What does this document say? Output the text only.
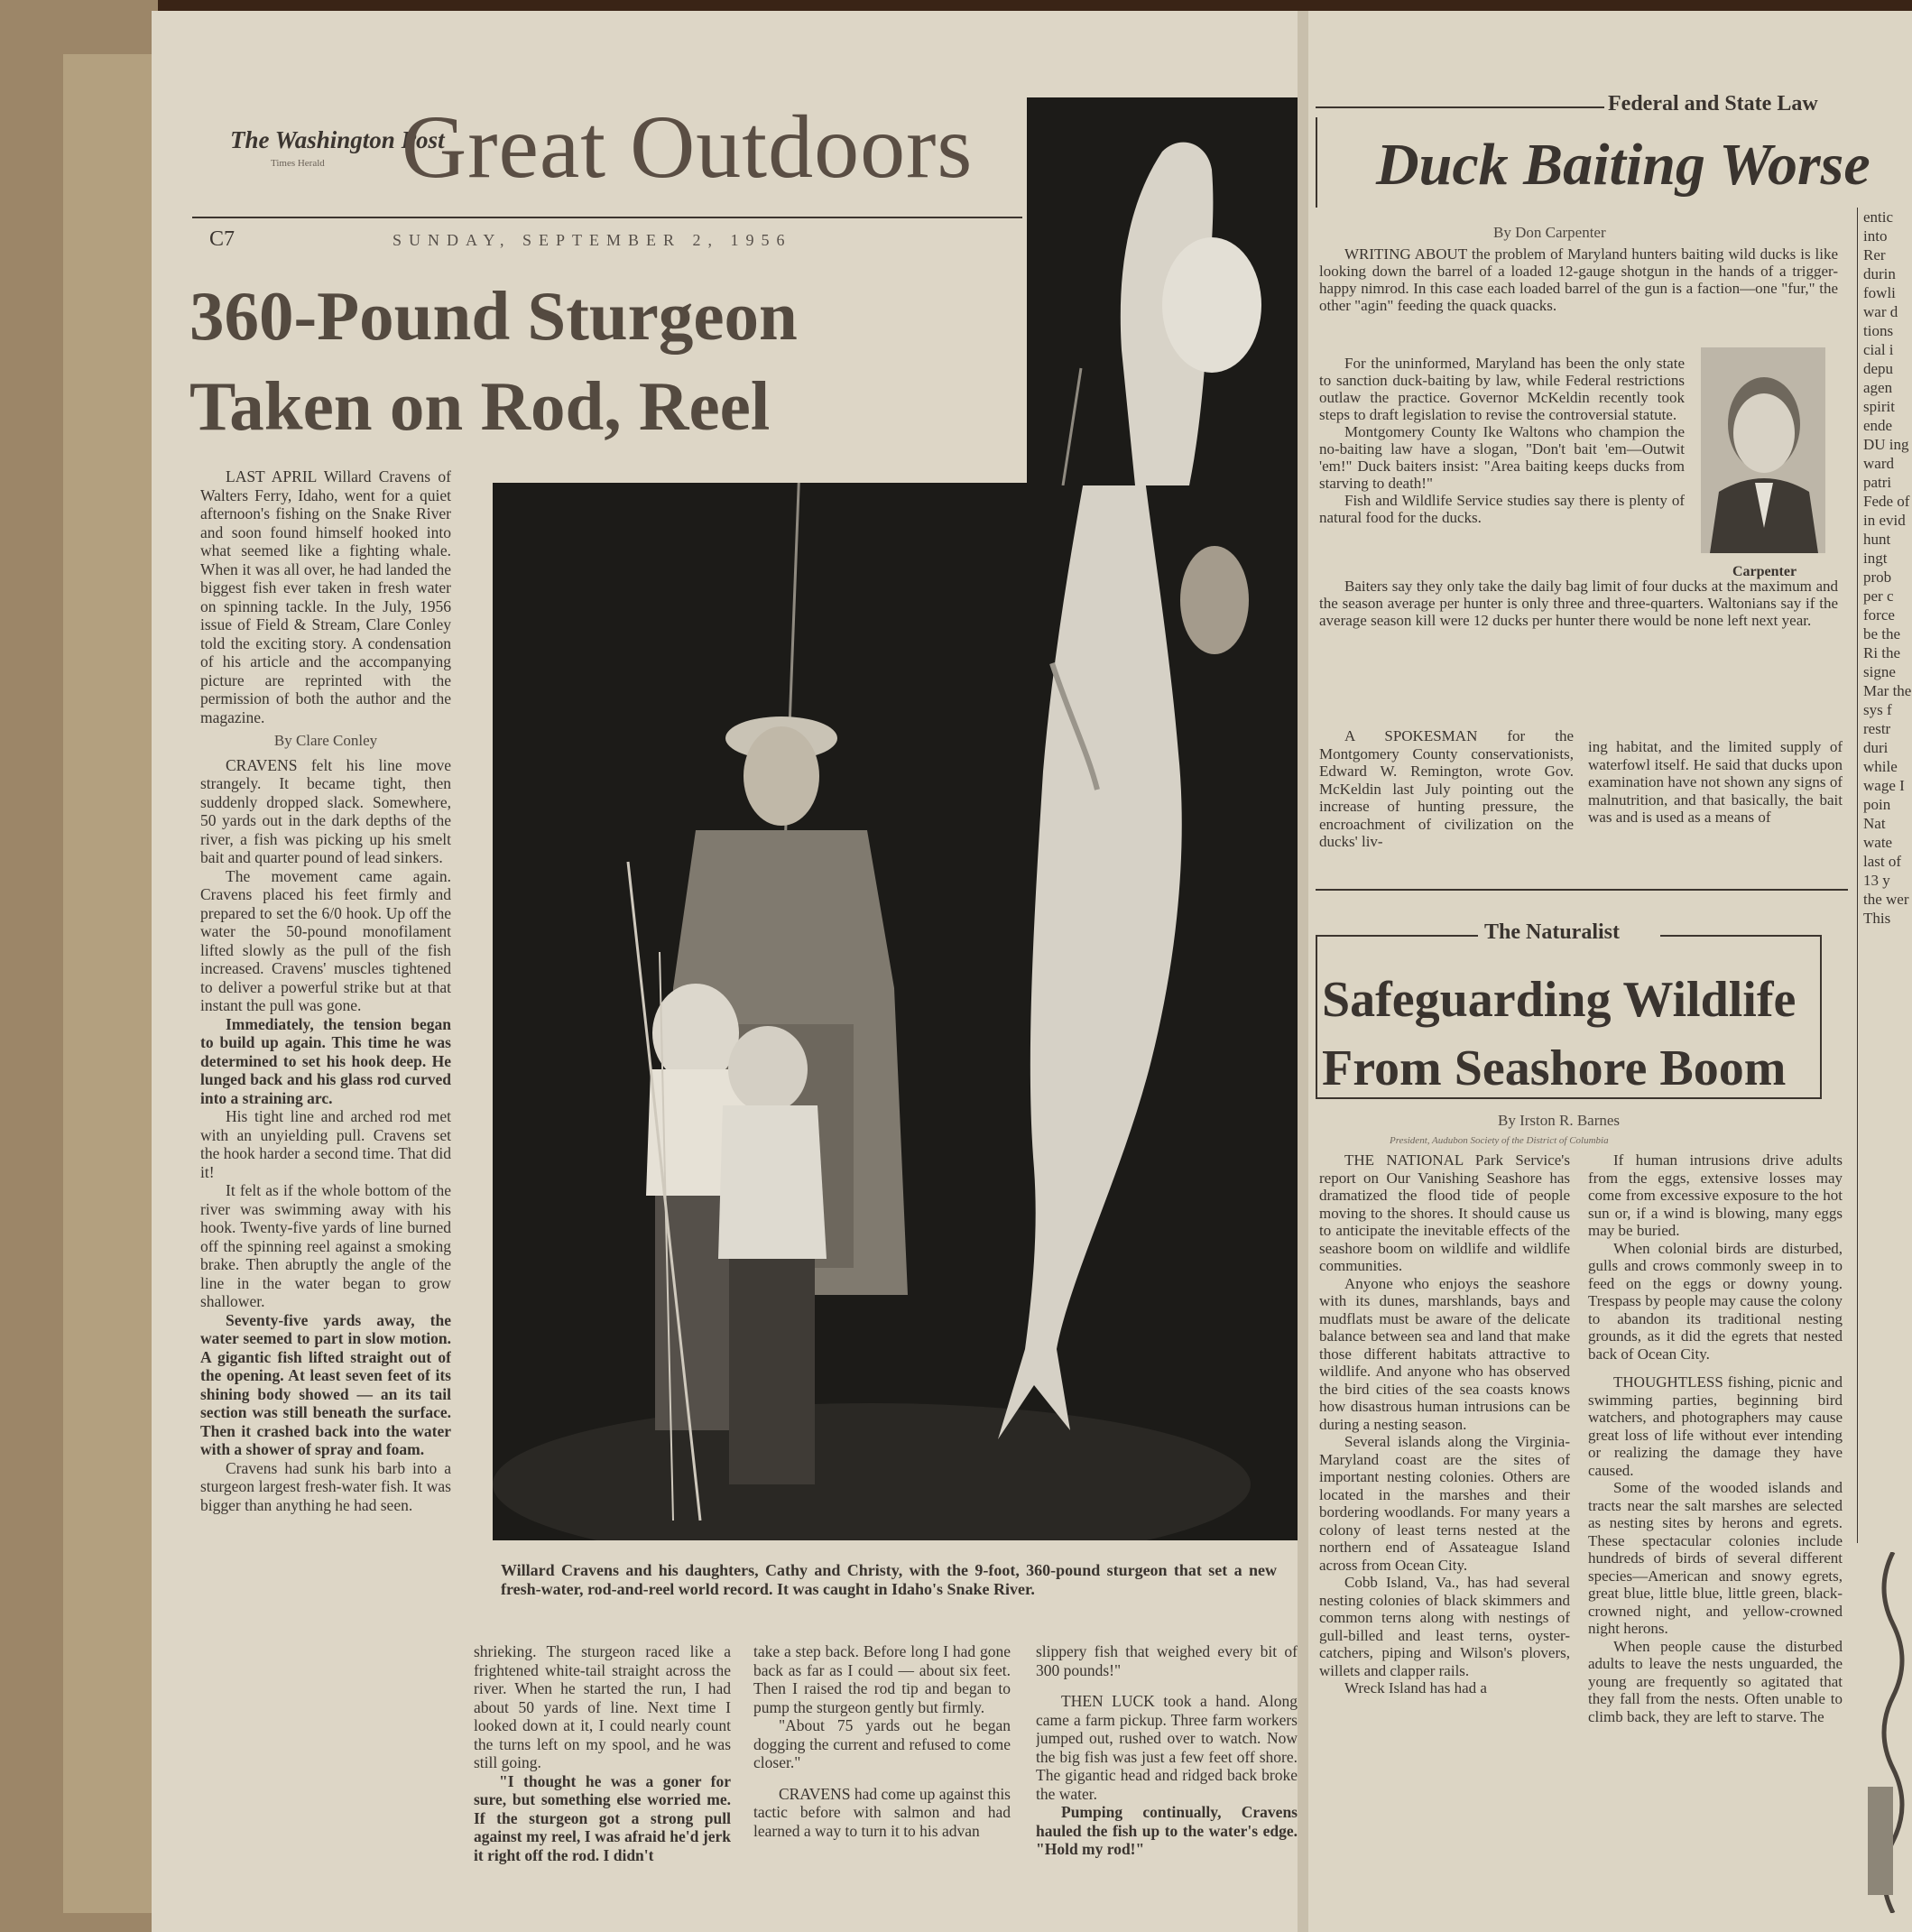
The Washington Post
Times Herald Great Outdoors
C7	SUNDAY, SEPTEMBER 2, 1956
360-Pound Sturgeon
Taken on Rod, Reel

LAST APRIL Willard Cravens of Walters Ferry, Idaho, went for a quiet afternoon's fishing on the Snake River and soon found himself hooked into what seemed like a fighting whale. When it was all over, he had landed the biggest fish ever taken in fresh water on spinning tackle. In the July, 1956 issue of Field & Stream, Clare Conley told the exciting story. A condensation of his article and the accompanying picture are reprinted with the permission of both the author and the magazine.

By Clare Conley

CRAVENS felt his line move strangely. It became tight, then suddenly dropped slack. Somewhere, 50 yards out in the dark depths of the river, a fish was picking up his smelt bait and quarter pound of lead sinkers.

The movement came again. Cravens placed his feet firmly and prepared to set the 6/0 hook. Up off the water the 50-pound monofilament lifted slowly as the pull of the fish increased. Cravens' muscles tightened to deliver a powerful strike but at that instant the pull was gone.

Immediately, the tension began to build up again. This time he was determined to set his hook deep. He lunged back and his glass rod curved into a straining arc.

His tight line and arched rod met with an unyielding pull. Cravens set the hook harder a second time. That did it!

It felt as if the whole bottom of the river was swimming away with his hook. Twenty-five yards of line burned off the spinning reel against a smoking brake. Then abruptly the angle of the line in the water began to grow shallower.

Seventy-five yards away, the water seemed to part in slow motion. A gigantic fish lifted straight out of the opening. At least seven feet of its shining body showed — an its tail section was still beneath the surface. Then it crashed back into the water with a shower of spray and foam.

Cravens had sunk his barb into a sturgeon largest fresh-water fish. It was bigger than anything he had seen.

Willard Cravens and his daughters, Cathy and Christy, with the 9-foot, 360-pound sturgeon that set a new fresh-water, rod-and-reel world record. It was caught in Idaho's Snake River.

shrieking. The sturgeon raced like a frightened white-tail straight across the river. When he started the run, I had about 50 yards of line. Next time I looked down at it, I could nearly count the turns left on my spool, and he was still going.

"I thought he was a goner for sure, but something else worried me. If the sturgeon got a strong pull against my reel, I was afraid he'd jerk it right off the rod. I didn't

take a step back. Before long I had gone back as far as I could — about six feet. Then I raised the rod tip and began to pump the sturgeon gently but firmly.

"About 75 yards out he began dogging the current and refused to come closer."

CRAVENS had come up against this tactic before with salmon and had learned a way to turn it to his advan

slippery fish that weighed every bit of 300 pounds!"

THEN LUCK took a hand. Along came a farm pickup. Three farm workers jumped out, rushed over to watch. Now the big fish was just a few feet off shore. The gigantic head and ridged back broke the water.

Pumping continually, Cravens hauled the fish up to the water's edge. "Hold my rod!"

Federal and State Law
Duck Baiting Worse
By Don Carpenter

WRITING ABOUT the problem of Maryland hunters baiting wild ducks is like looking down the barrel of a loaded 12-gauge shotgun in the hands of a trigger-happy nimrod. In this case each loaded barrel of the gun is a faction—one "fur," the other "agin" feeding the quack quacks.

For the uninformed, Maryland has been the only state to sanction duck-baiting by law, while Federal restrictions outlaw the practice. Governor McKeldin recently took steps to draft legislation to revise the controversial statute.

Montgomery County Ike Waltons who champion the no-baiting law have a slogan, "Don't bait 'em—Outwit 'em!" Duck baiters insist: "Area baiting keeps ducks from starving to death!"

Fish and Wildlife Service studies say there is plenty of natural food for the ducks.

Carpenter

Baiters say they only take the daily bag limit of four ducks at the maximum and the season average per hunter is only three and three-quarters. Waltonians say if the average season kill were 12 ducks per hunter there would be none left next year.

A SPOKESMAN for the Montgomery County conservationists, Edward W. Remington, wrote Gov. McKeldin last July pointing out the increase of hunting pressure, the encroachment of civilization on the ducks' liv-

ing habitat, and the limited supply of waterfowl itself. He said that ducks upon examination have not shown any signs of malnutrition, and that basically, the bait was and is used as a means of

The Naturalist
Safeguarding Wildlife
From Seashore Boom
By Irston R. Barnes
President, Audubon Society of the District of Columbia

THE NATIONAL Park Service's report on Our Vanishing Seashore has dramatized the flood tide of people moving to the shores. It should cause us to anticipate the inevitable effects of the seashore boom on wildlife and wildlife communities.

Anyone who enjoys the seashore with its dunes, marshlands, bays and mudflats must be aware of the delicate balance between sea and land that make those different habitats attractive to wildlife. And anyone who has observed the bird cities of the sea coasts knows how disastrous human intrusions can be during a nesting season.

Several islands along the Virginia-Maryland coast are the sites of important nesting colonies. Others are located in the marshes and their bordering woodlands. For many years a colony of least terns nested at the northern end of Assateague Island across from Ocean City.

Cobb Island, Va., has had several nesting colonies of black skimmers and common terns along with nestings of gull-billed and least terns, oyster-catchers, piping and Wilson's plovers, willets and clapper rails.

Wreck Island has had a

If human intrusions drive adults from the eggs, extensive losses may come from excessive exposure to the hot sun or, if a wind is blowing, many eggs may be buried.

When colonial birds are disturbed, gulls and crows commonly sweep in to feed on the eggs or downy young. Trespass by people may cause the colony to abandon its traditional nesting grounds, as it did the egrets that nested back of Ocean City.

THOUGHTLESS fishing, picnic and swimming parties, beginning bird watchers, and photographers may cause great loss of life without ever intending or realizing the damage they have caused.

Some of the wooded islands and tracts near the salt marshes are selected as nesting sites by herons and egrets. These spectacular colonies include hundreds of birds of several different species—American and snowy egrets, great blue, little blue, little green, black-crowned night, and yellow-crowned night herons.

When people cause the disturbed adults to leave the nests unguarded, the young are frequently so agitated that they fall from the nests. Often unable to climb back, they are left to starve. The

entic into Rer durin fowli war d tions cial i depu agen spirit ende DU ing ward patri Fede of in evid hunt ingt prob per c force be the Ri the signe Mar the sys f restr duri while wage I poin Nat wate last of 13 y the wer This
